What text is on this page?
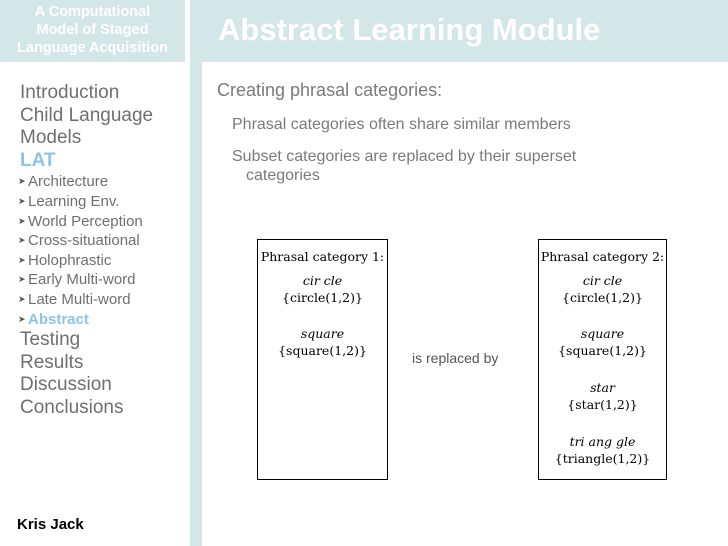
A Computational
Model of Staged
Language Acquisition
Abstract Learning Module
Introduction
Child Language
Models
LAT
➤ Architecture
➤ Learning Env.
➤ World Perception
➤ Cross-situational
➤ Holophrastic
➤ Early Multi-word
➤ Late Multi-word
➤ Abstract
Testing
Results
Discussion
Conclusions
Kris Jack
Creating phrasal categories:
Phrasal categories often share similar members
Subset categories are replaced by their superset
categories
Phrasal category 1:
cir cle
{circle(1,2)}
square
{square(1,2)}	is replaced by
Phrasal category 2:
cir cle
{circle(1,2)}
square
{square(1,2)}
star
{star(1,2)}
tri ang gle
{triangle(1,2)}
